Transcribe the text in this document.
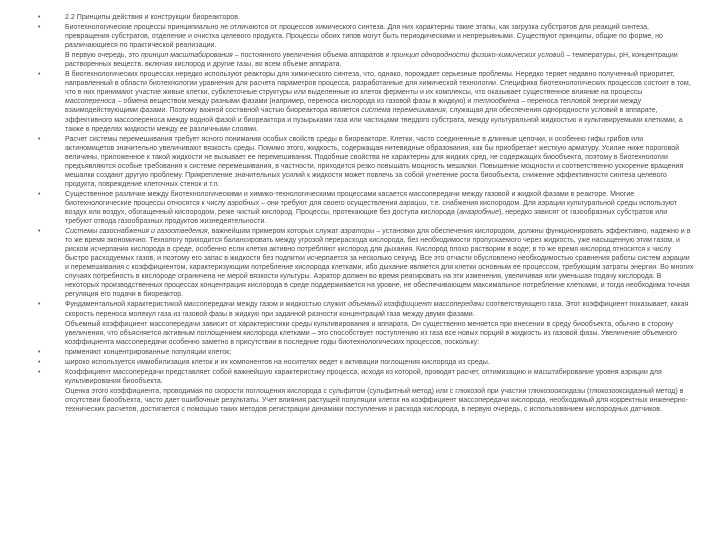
•	2.2 Принципы действия и конструкции биореакторов.
•	Биотехнологические процессы принципиально не отличаются от процессов химического синтеза. Для них характерны такие этапы, как загрузка субстратов для реакций синтеза, превращения субстратов, отделение и очистка целевого продукта. Процессы обоих типов могут быть периодическими и непрерывными. Существуют принципы, общие по форме, но различающиеся по практической реализации.
В первую очередь, это принцип масштабирования – постоянного увеличения объема аппаратов и принцип однородности физико-химических условий – температуры, pH, концентрации растворенных веществ, включая кислород и другие газы, во всем объеме аппарата.
•	В биотехнологических процессах нередко используют реакторы для химического синтеза, что, однако, порождает серьезные проблемы. Нередко теряет недавно полученный приоритет, направленный в области биотехнологии уравнения для расчета параметров процесса, разработанные для химической технологии. Специфика биотехнологических процессов состоит в том, что в них принимают участие живые клетки, субклеточные структуры или выделенные из клеток ферменты и их комплексы, что оказывает существенное влияние на процессы массопереноса – обмена веществом между разными фазами (например, переноса кислорода из газовой фазы в жидкую) и теплообмена – переноса тепловой энергии между взаимодействующими фазами. Поэтому важной составной частью биореактора является система перемешивания, служащая для обеспечения однородности условий в аппарате, эффективного массопереноса между водной фазой и биореактора и пузырьками газа или частицами твердого субстрата, между культуральной жидкостью и культивируемыми клетками, а также в пределах жидкости между ее различными слоями.
•	Расчет системы перемешивания требует ясного понимания особых свойств среды в биореакторе. Клетки, часто соединенные в длинные цепочки, и особенно гифы грибов или актиномицетов значительно увеличивают вязкость среды. Помимо этого, жидкость, содержащая нитевидные образования, как бы приобретает жесткую арматуру. Усилие ниже пороговой величины, приложенное к такой жидкости не вызывает ее перемешивания. Подобные свойства не характерны для жидких сред, не содержащих биообъекта, поэтому в биотехнологии предъявляются особые требования к системе перемешивания, в частности, приходится резко повышать мощность мешалки. Повышение мощности и соответственно ускорение вращения мешалки создают другую проблему. Прикрепление значительных усилий к жидкости может повлечь за собой угнетение роста биообъекта, снижение эффективности синтеза целевого продукта, повреждение клеточных стенок и т.п.
•	Существенное различие между биотехнологическими и химико-технологическими процессами касается массопередачи между газовой и жидкой фазами в реакторе. Многие биотехнологические процессы относятся к числу аэробных – они требуют для своего осуществления аэрации, т.е. снабжения кислородом. Для аэрации культуральной среды используют воздух или воздух, обогащенный кислородом, реже чистый кислород. Процессы, протекающие без доступа кислорода (анаэробные), нередко зависят от газообразных субстратов или требуют отвода газообразных продуктов жизнедеятельности.
•	Системы газоснабжения и газоотведения, важнейшим примером которых служат аэраторы – установки для обеспечения кислородом, должны функционировать эффективно, надежно и в то же время экономично. Технологу приходится балансировать между угрозой перерасхода кислорода, без необходимости пропускаемого через жидкость, уже насыщенную этим газом, и риском исчерпания кислорода в среде, особенно если клетки активно потребляют кислород для дыхания. Кислород плохо растворим в воде; в то же время кислород относится к числу быстро расходуемых газов, и поэтому его запас в жидкости без подпитки исчерпается за несколько секунд. Все это отчасти обусловлено необходимостью сравнения работы систем аэрации и перемешивания с коэффициентом, характеризующим потребление кислорода клетками, ибо дыхание является для клетки основным ее процессом, требующим затраты энергии. Во многих случаях потребность в кислороде ограничена не мерой вязкости культуры. Аэратор должен во время реагировать на эти изменения, увеличивая или уменьшая подачу кислорода. В некоторых производственных процессах концентрация кислорода в среде поддерживается на уровне, не обеспечивающем максимальное потребление клетками, и тогда необходима точная регуляция его подачи в биореактор.
•	Фундаментальной характеристикой массопередачи между газом и жидкостью служит объемный коэффициент массопередачи соответствующего газа. Этот коэффициент показывает, какая скорость переноса молекул газа из газовой фазы в жидкую при заданной разности концентраций газа между двумя фазами.
Объемный коэффициент массопередачи зависит от характеристики среды культивирования и аппарата. Он существенно меняется при внесении в среду биообъекта, обычно в сторону увеличения, что объясняется активным поглощением кислорода клетками – это способствует поступлению из газа все новых порций в жидкость из газовой фазы. Увеличение объемного коэффициента массопередачи особенно заметно в присутствии в последние годы биотехнологических процессов, поскольку:
•	применяют концентрированные популяции клеток;
•	широко используется иммобилизация клеток и их компонентов на носителях ведет к активации поглощения кислорода из среды.
•	Коэффициент массопередачи представляет собой важнейшую характеристику процесса, исходя из которой, проводят расчет, оптимизацию и масштабирование уровня аэрации для культивирования биообъекта.
Оценка этого коэффициента, проводимая по скорости поглощения кислорода с сульфитом (сульфитный метод) или с глюкозой при участии глюкозооксидазы (глюкозооксидазный метод) в отсутствии биообъекта, часто дает ошибочные результаты. Учет влияния растущей популяции клеток на коэффициент массопередачи кислорода, необходимый для корректных инженерно-технических расчетов, достигается с помощью таких методов регистрации динамики поступления и расхода кислорода, в первую очередь, с использованием кислородных датчиков.
